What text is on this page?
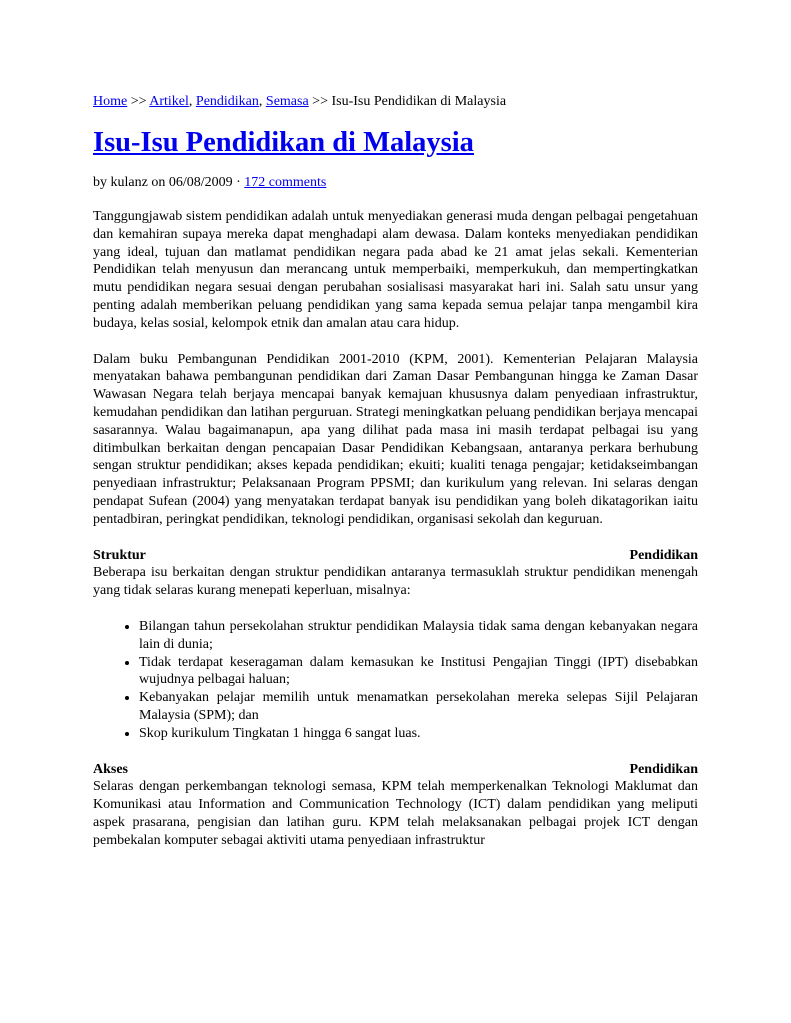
Home >> Artikel, Pendidikan, Semasa >> Isu-Isu Pendidikan di Malaysia
Isu-Isu Pendidikan di Malaysia
by kulanz on 06/08/2009 · 172 comments

Tanggungjawab sistem pendidikan adalah untuk menyediakan generasi muda dengan pelbagai pengetahuan dan kemahiran supaya mereka dapat menghadapi alam dewasa. Dalam konteks menyediakan pendidikan yang ideal, tujuan dan matlamat pendidikan negara pada abad ke 21 amat jelas sekali. Kementerian Pendidikan telah menyusun dan merancang untuk memperbaiki, memperkukuh, dan mempertingkatkan mutu pendidikan negara sesuai dengan perubahan sosialisasi masyarakat hari ini. Salah satu unsur yang penting adalah memberikan peluang pendidikan yang sama kepada semua pelajar tanpa mengambil kira budaya, kelas sosial, kelompok etnik dan amalan atau cara hidup.

Dalam buku Pembangunan Pendidikan 2001-2010 (KPM, 2001). Kementerian Pelajaran Malaysia menyatakan bahawa pembangunan pendidikan dari Zaman Dasar Pembangunan hingga ke Zaman Dasar Wawasan Negara telah berjaya mencapai banyak kemajuan khususnya dalam penyediaan infrastruktur, kemudahan pendidikan dan latihan perguruan. Strategi meningkatkan peluang pendidikan berjaya mencapai sasarannya. Walau bagaimanapun, apa yang dilihat pada masa ini masih terdapat pelbagai isu yang ditimbulkan berkaitan dengan pencapaian Dasar Pendidikan Kebangsaan, antaranya perkara berhubung sengan struktur pendidikan; akses kepada pendidikan; ekuiti; kualiti tenaga pengajar; ketidakseimbangan penyediaan infrastruktur; Pelaksanaan Program PPSMI; dan kurikulum yang relevan. Ini selaras dengan pendapat Sufean (2004) yang menyatakan terdapat banyak isu pendidikan yang boleh dikatagorikan iaitu pentadbiran, peringkat pendidikan, teknologi pendidikan, organisasi sekolah dan keguruan.

Struktur	Pendidikan

Beberapa isu berkaitan dengan struktur pendidikan antaranya termasuklah struktur pendidikan menengah yang tidak selaras kurang menepati keperluan, misalnya:

• Bilangan tahun persekolahan struktur pendidikan Malaysia tidak sama dengan kebanyakan negara lain di dunia;
• Tidak terdapat keseragaman dalam kemasukan ke Institusi Pengajian Tinggi (IPT) disebabkan wujudnya pelbagai haluan;
• Kebanyakan pelajar memilih untuk menamatkan persekolahan mereka selepas Sijil Pelajaran Malaysia (SPM); dan
• Skop kurikulum Tingkatan 1 hingga 6 sangat luas.
Akses	Pendidikan

Selaras dengan perkembangan teknologi semasa, KPM telah memperkenalkan Teknologi Maklumat dan Komunikasi atau Information and Communication Technology (ICT) dalam pendidikan yang meliputi aspek prasarana, pengisian dan latihan guru. KPM telah melaksanakan pelbagai projek ICT dengan pembekalan komputer sebagai aktiviti utama penyediaan infrastruktur
